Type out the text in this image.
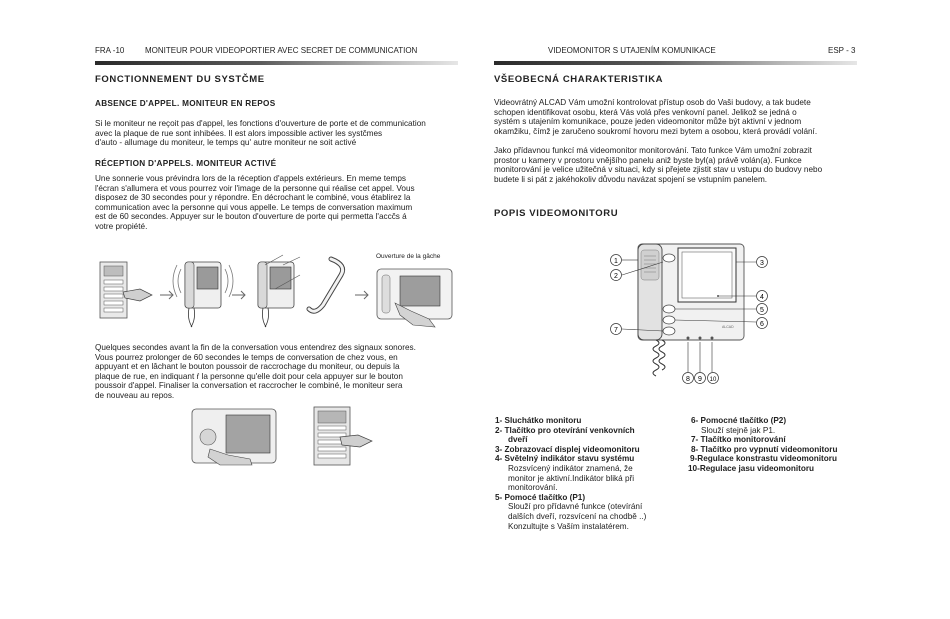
FRA -10	MONITEUR POUR VIDEOPORTIER AVEC SECRET DE COMMUNICATION
FONCTIONNEMENT DU SYSTČME
ABSENCE D'APPEL. MONITEUR EN REPOS
Si le moniteur ne reçoit pas d'appel, les fonctions d'ouverture de porte et de communication
avec la plaque de rue sont inhibées. Il est alors impossible activer les systčmes
d'auto - allumage du moniteur, le temps qu' autre moniteur ne soit activé
RÉCEPTION D'APPELS. MONITEUR ACTIVÉ
Une sonnerie vous prévindra lors de la réception d'appels extérieurs. En meme temps
l'écran s'allumera et vous pourrez voir l'image de la personne qui réalise cet appel. Vous
disposez de 30 secondes pour y répondre. En décrochant le combiné, vous établirez la
communication avec la personne qui vous appelle. Le temps de conversation maximum
est de 60 secondes. Appuyer sur le bouton d'ouverture de porte qui permetta l'accčs á
votre propiété.
Ouverture de la gâche
Quelques secondes avant la fin de la conversation vous entendrez des signaux sonores.
Vous pourrez prolonger de 60 secondes le temps de conversation de chez vous, en
appuyant et en lâchant le bouton poussoir de raccrochage du moniteur, ou depuis la
plaque de rue, en indiquant ŕ la personne qu'elle doit pour cela appuyer sur le bouton
poussoir d'appel. Finaliser la conversation et raccrocher le combiné, le moniteur sera
de nouveau au repos.
VIDEOMONITOR S UTAJENÍM KOMUNIKACE	ESP - 3
VŠEOBECNÁ CHARAKTERISTIKA
Videovrátný ALCAD Vám umožní kontrolovat přístup osob do Vaši budovy, a tak budete
schopen identifikovat osobu, která Vás volá přes venkovní panel. Jelikož se jedná o
systém s utajením komunikace, pouze jeden videomonitor může být aktivní v jednom
okamžiku, čímž je zaručeno soukromí hovoru mezi bytem a osobou, která provádí volání.
Jako přídavnou funkcí má videomonitor monitorování. Tato funkce Vám umožní zobrazit
prostor u kamery v prostoru vnějšího panelu aniž byste byl(a) právě volán(a). Funkce
monitorování je velice užitečná v situaci, kdy si přejete zjistit stav u vstupu do budovy nebo
budete li si pát z jakéhokoliv důvodu navázat spojení se vstupním panelem.
POPIS VIDEOMONITORU
ALCAD
1
2
3
4
5
6
7
8 9 10
1- Sluchátko monitoru
2- Tlačítko pro otevírání venkovních
dveří
3- Zobrazovací displej videomonitoru
4- Světelný indikátor stavu systému
Rozsvícený indikátor znamená, že
monitor je aktivní.Indikátor bliká při
monitorování.
5- Pomocé tlačítko (P1)
Slouží pro přídavné funkce (otevírání
dalších dveří, rozsvícení na chodbě ..)
Konzultujte s Vaším instalatérem.
6- Pomocné tlačítko (P2)
Slouží stejně jak P1.
7- Tlačítko monitorování
8- Tlačítko pro vypnutí videomonitoru
9-Regulace konstrastu videomonitoru
10-Regulace jasu videomonitoru
